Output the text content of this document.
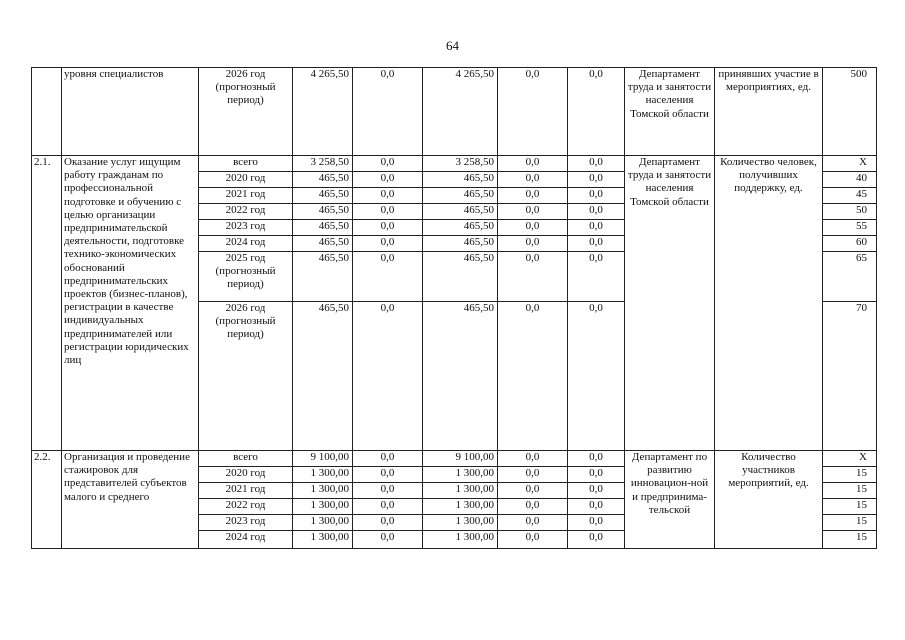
64
	уровня специалистов	2026 год (прогнозный период)	4 265,50	0,0	4 265,50	0,0	0,0	Департамент труда и занятости населения Томской области	принявших участие в мероприятиях, ед.	500
2.1.	Оказание услуг ищущим работу гражданам по профессиональной подготовке и обучению с целью организации предпринимательской деятельности, подготовке технико-экономических обоснований предпринимательских проектов (бизнес-планов), регистрации в качестве индивидуальных предпринимателей или регистрации юридических лиц	всего	3 258,50	0,0	3 258,50	0,0	0,0	Департамент труда и занятости населения Томской области	Количество человек, получивших поддержку, ед.	Х
		2020 год	465,50	0,0	465,50	0,0	0,0			40
		2021 год	465,50	0,0	465,50	0,0	0,0			45
		2022 год	465,50	0,0	465,50	0,0	0,0			50
		2023 год	465,50	0,0	465,50	0,0	0,0			55
		2024 год	465,50	0,0	465,50	0,0	0,0			60
		2025 год (прогнозный период)	465,50	0,0	465,50	0,0	0,0			65
		2026 год (прогнозный период)	465,50	0,0	465,50	0,0	0,0			70
2.2.	Организация и проведение стажировок для представителей субъектов малого и среднего	всего	9 100,00	0,0	9 100,00	0,0	0,0	Департамент по развитию инновацион-ной и предпринима-тельской	Количество участников мероприятий, ед.	Х
		2020 год	1 300,00	0,0	1 300,00	0,0	0,0			15
		2021 год	1 300,00	0,0	1 300,00	0,0	0,0			15
		2022 год	1 300,00	0,0	1 300,00	0,0	0,0			15
		2023 год	1 300,00	0,0	1 300,00	0,0	0,0			15
		2024 год	1 300,00	0,0	1 300,00	0,0	0,0			15
